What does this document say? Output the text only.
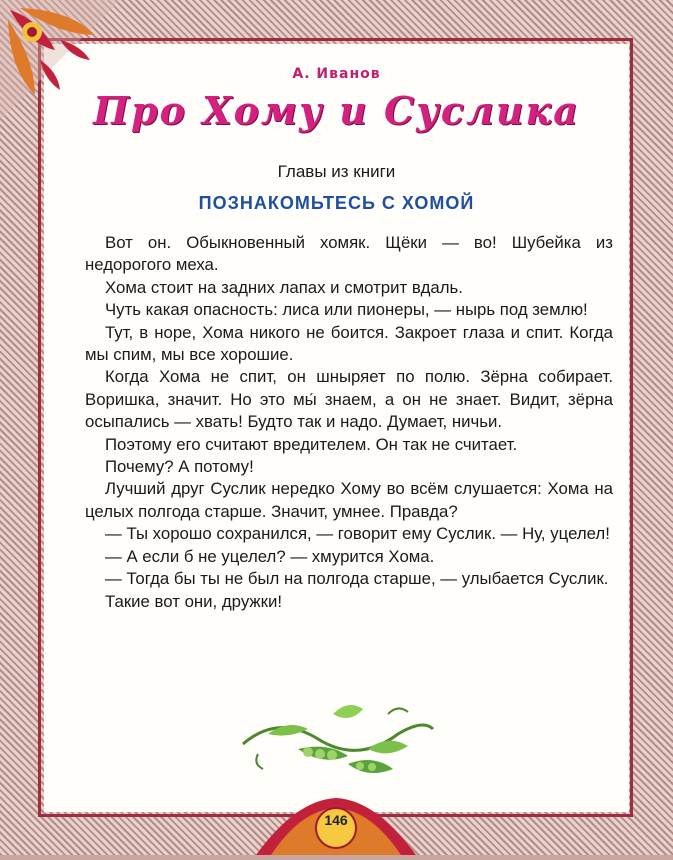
А. Иванов
Про Хому и Суслика
Главы из книги
ПОЗНАКОМЬТЕСЬ С ХОМОЙ

Вот он. Обыкновенный хомяк. Щёки — во! Шубейка из недорогого меха.

Хома стоит на задних лапах и смотрит вдаль.

Чуть какая опасность: лиса или пионеры, — нырь под землю!

Тут, в норе, Хома никого не боится. Закроет глаза и спит. Когда мы спим, мы все хорошие.

Когда Хома не спит, он шныряет по полю. Зёрна собирает. Воришка, значит. Но это мы́ знаем, а он не знает. Видит, зёрна осыпались — хвать! Будто так и надо. Думает, ничьи.

Поэтому его считают вредителем. Он так не считает.

Почему? А потому!

Лучший друг Суслик нередко Хому во всём слушается: Хома на целых полгода старше. Значит, умнее. Правда?

— Ты хорошо сохранился, — говорит ему Суслик. — Ну, уцелел!

— А если б не уцелел? — хмурится Хома.

— Тогда бы ты не был на полгода старше, — улыбается Суслик.

Такие вот они, дружки!

146
